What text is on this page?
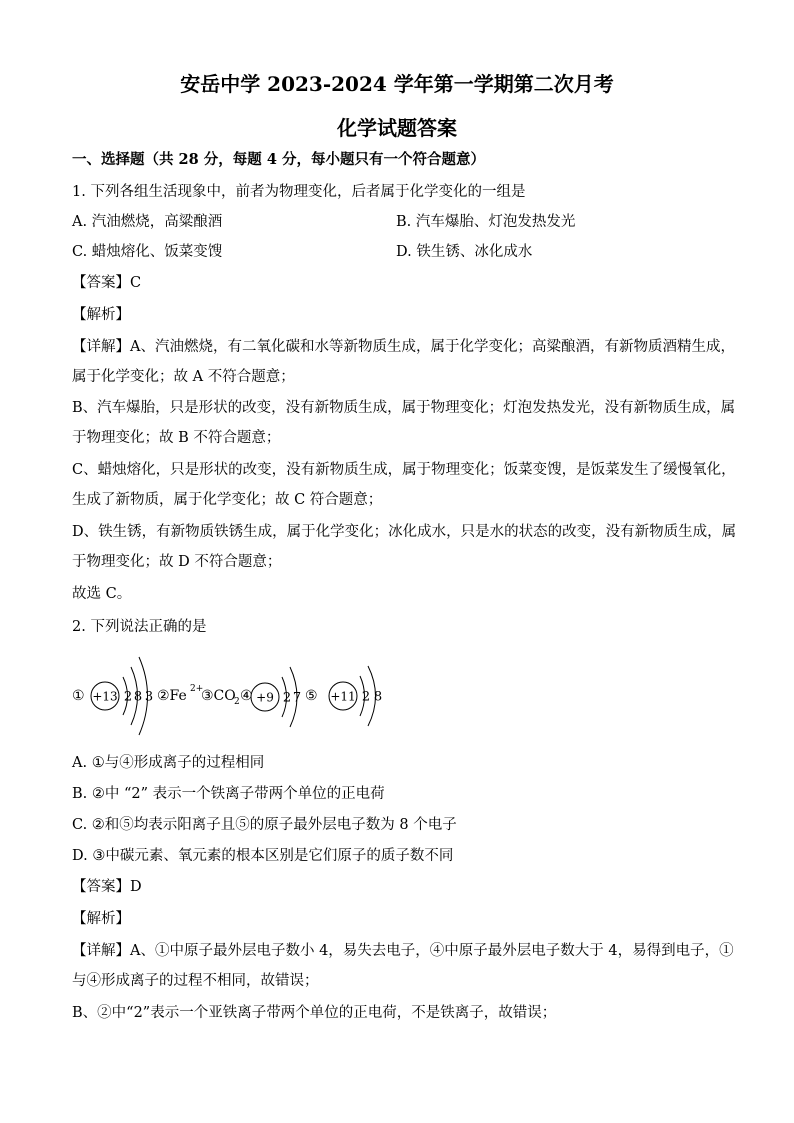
安岳中学 2023-2024 学年第一学期第二次月考
化学试题答案
一、选择题（共 28 分，每题 4 分，每小题只有一个符合题意）
1. 下列各组生活现象中，前者为物理变化，后者属于化学变化的一组是
A. 汽油燃烧，高粱酿酒	B. 汽车爆胎、灯泡发热发光
C. 蜡烛熔化、饭菜变馊	D. 铁生锈、冰化成水
【答案】C
【解析】
【详解】A、汽油燃烧，有二氧化碳和水等新物质生成，属于化学变化；高粱酿酒，有新物质酒精生成，
属于化学变化；故 A 不符合题意；
B、汽车爆胎，只是形状的改变，没有新物质生成，属于物理变化；灯泡发热发光，没有新物质生成，属
于物理变化；故 B 不符合题意；
C、蜡烛熔化，只是形状的改变，没有新物质生成，属于物理变化；饭菜变馊，是饭菜发生了缓慢氧化，
生成了新物质，属于化学变化；故 C 符合题意；
D、铁生锈，有新物质铁锈生成，属于化学变化；冰化成水，只是水的状态的改变，没有新物质生成，属
于物理变化；故 D 不符合题意；
故选 C。
2. 下列说法正确的是
① +13 2 8 3 ②Fe 2+
③CO
2 ④ +9 2 7 ⑤ +11 2 8
A. ①与④形成离子的过程相同
B. ②中 “2” 表示一个铁离子带两个单位的正电荷
C. ②和⑤均表示阳离子且⑤的原子最外层电子数为 8 个电子
D. ③中碳元素、氧元素的根本区别是它们原子的质子数不同
【答案】D
【解析】
【详解】A、①中原子最外层电子数小 4，易失去电子，④中原子最外层电子数大于 4，易得到电子，①
与④形成离子的过程不相同，故错误；
B、②中“2”表示一个亚铁离子带两个单位的正电荷，不是铁离子，故错误；
